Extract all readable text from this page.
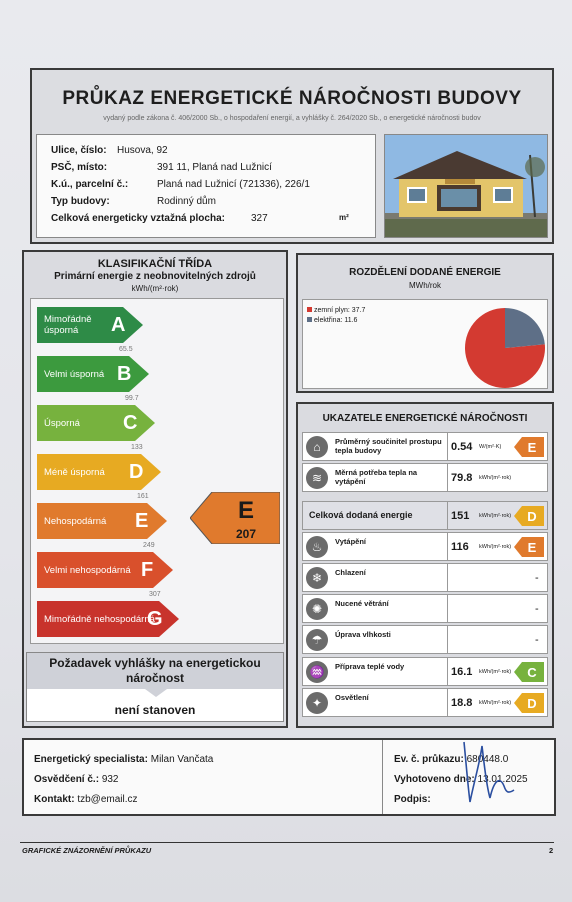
PRŮKAZ ENERGETICKÉ NÁROČNOSTI BUDOVY
vydaný podle zákona č. 406/2000 Sb., o hospodaření energií, a vyhlášky č. 264/2020 Sb., o energetické náročnosti budov
Ulice, číslo: Husova, 92
PSČ, místo:	391 11, Planá nad Lužnicí
K.ú., parcelní č.:	Planá nad Lužnicí (721336), 226/1
Typ budovy:	Rodinný dům
Celková energeticky vztažná plocha:	327	m²
KLASIFIKAČNÍ TŘÍDA
Primární energie z neobnovitelných zdrojů
kWh/(m²·rok)
Mimořádně úsporná	A
65.5
Velmi úsporná B
99.7
Úsporná	C
133
Méně úsporná	D
161
Nehospodárná	E
249
Velmi nehospodárná F
307
Mimořádně nehospodárná
G
E
207
Požadavek vyhlášky na energetickou náročnost
není stanoven
ROZDĚLENÍ DODANÉ ENERGIE
MWh/rok
zemní plyn: 37.7
elektřina: 11.6
UKAZATELE ENERGETICKÉ NÁROČNOSTI
⌂	Průměrný součinitel prostupu tepla budovy	0.54 W/(m²·K) E
≋	Měrná potřeba tepla na vytápění	79.8 kWh/(m²·rok)
Celková dodaná energie	151 kWh/(m²·rok) D
♨	Vytápění	116 kWh/(m²·rok) E
❄	Chlazení	-
✺	Nucené větrání	-
☂	Úprava vlhkosti	-
♒	Příprava teplé vody	16.1 kWh/(m²·rok) C
✦	Osvětlení	18.8 kWh/(m²·rok) D
Energetický specialista: Milan Vančata
Osvědčení č.: 932
Kontakt: tzb@email.cz
Ev. č. průkazu: 680448.0
Vyhotoveno dne: 13.01.2025
Podpis:
GRAFICKÉ ZNÁZORNĚNÍ PRŮKAZU	2
